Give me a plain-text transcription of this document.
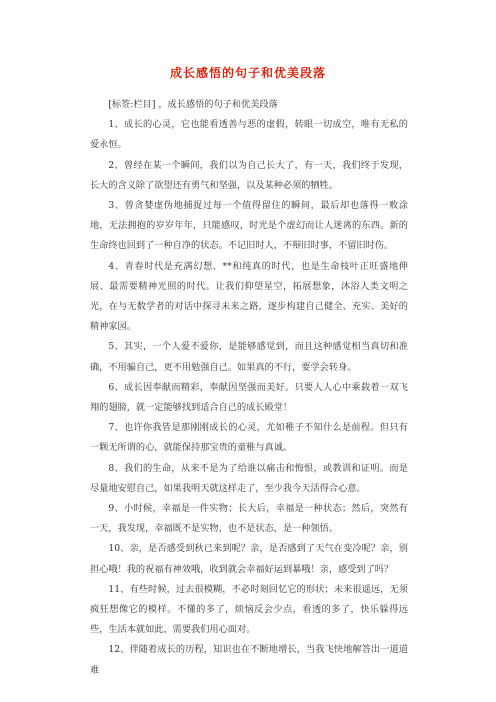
成长感悟的句子和优美段落

[标签:栏目] ，成长感悟的句子和优美段落

1、成长的心灵，它也能看透善与恶的虚假，转眼一切成空，唯有无私的爱永恒。

2、曾经在某一个瞬间，我们以为自己长大了，有一天，我们终于发现，长大的含义除了欲望还有勇气和坚强，以及某种必须的牺牲。

3、曾贪婪虚伪地捕捉过每一个值得留住的瞬间，最后却也落得一败涂地，无法拥抱的岁岁年年，只能感叹，时光是个虚幻而让人迷离的东西。新的生命终也回到了一种自净的状态。不记旧时人，不辩旧时事，不留旧时伤。

4、青春时代是充满幻想、**和纯真的时代，也是生命枝叶正旺盛地伸展、最需要精神光照的时代。让我们仰望星空，拓展想象，沐浴人类文明之光，在与无数学者的对话中探寻未来之路，逐步构建自己健全、充实、美好的精神家园。

5、其实，一个人爱不爱你，是能够感觉到，而且这种感觉相当真切和准确，不用骗自己，更不用勉强自己。如果真的不行，要学会转身。

6、成长因奉献而精彩，奉献因坚强而美好。只要人人心中乘载着一双飞翔的翅膀，就一定能够找到适合自己的成长殿堂！

7、也许你我皆是那刚刚成长的心灵，尤如稚子不知什么是前程。但只有一颗无所谓的心，就能保持那宝贵的童稚与真诚。

8、我们的生命，从来不是为了给谁以痛击和悔恨，或教训和证明。而是尽量地安慰自己，如果我明天就这样走了，至少我今天活得合心意。

9、小时候，幸福是一件实物；长大后，幸福是一种状态；然后，突然有一天，我发现，幸福既不是实物，也不是状态，是一种领悟。

10、亲，是否感受到秋已来到呢？亲，是否感到了天气在变冷呢？亲，别担心哦！我的祝福有神效哦，收到就会幸福好运到暴哦！亲，感受到了吗？

11、有些时候，过去很模糊，不必时刻回忆它的形状；未来很遥远，无须疯狂想像它的模样。不懂的多了，烦恼反会少点，看透的多了，快乐躲得远些，生活本就如此，需要我们用心面对。

12、伴随着成长的历程，知识也在不断地增长，当我飞快地解答出一道道难
